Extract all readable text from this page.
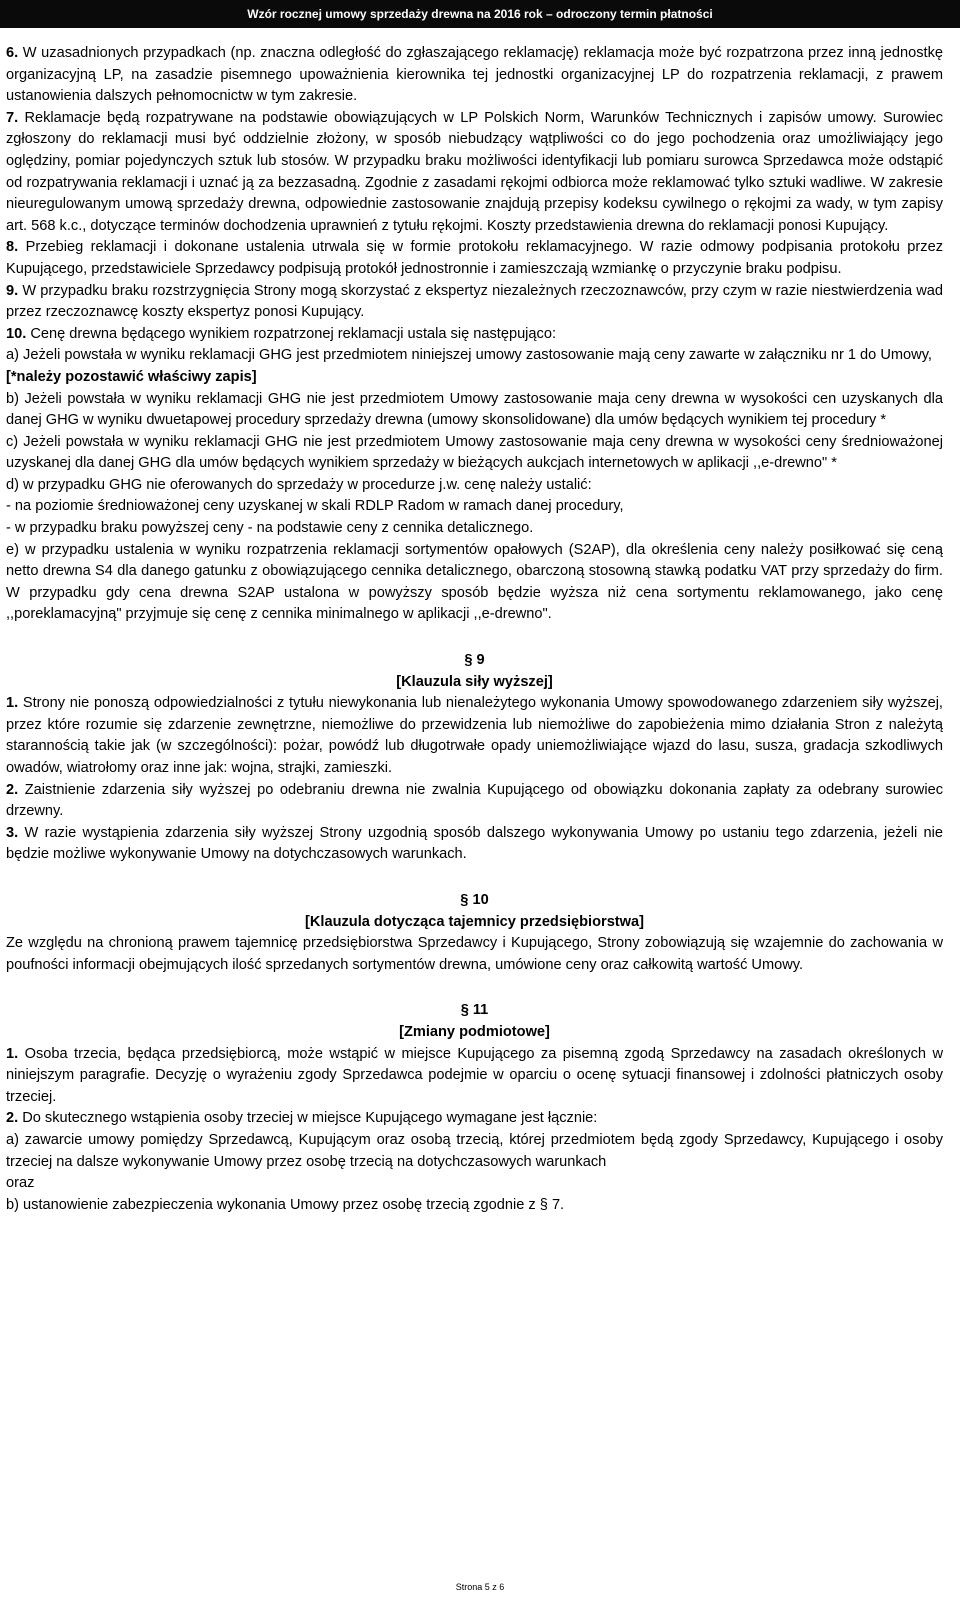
Wzór rocznej umowy sprzedaży drewna na 2016 rok – odroczony termin płatności

6. W uzasadnionych przypadkach (np. znaczna odległość do zgłaszającego reklamację) reklamacja może być rozpatrzona przez inną jednostkę organizacyjną LP, na zasadzie pisemnego upoważnienia kierownika tej jednostki organizacyjnej LP do rozpatrzenia reklamacji, z prawem ustanowienia dalszych pełnomocnictw w tym zakresie.

7. Reklamacje będą rozpatrywane na podstawie obowiązujących w LP Polskich Norm, Warunków Technicznych i zapisów umowy. Surowiec zgłoszony do reklamacji musi być oddzielnie złożony, w sposób niebudzący wątpliwości co do jego pochodzenia oraz umożliwiający jego oględziny, pomiar pojedynczych sztuk lub stosów. W przypadku braku możliwości identyfikacji lub pomiaru surowca Sprzedawca może odstąpić od rozpatrywania reklamacji i uznać ją za bezzasadną. Zgodnie z zasadami rękojmi odbiorca może reklamować tylko sztuki wadliwe. W zakresie nieuregulowanym umową sprzedaży drewna, odpowiednie zastosowanie znajdują przepisy kodeksu cywilnego o rękojmi za wady, w tym zapisy art. 568 k.c., dotyczące terminów dochodzenia uprawnień z tytułu rękojmi. Koszty przedstawienia drewna do reklamacji ponosi Kupujący.

8. Przebieg reklamacji i dokonane ustalenia utrwala się w formie protokołu reklamacyjnego. W razie odmowy podpisania protokołu przez Kupującego, przedstawiciele Sprzedawcy podpisują protokół jednostronnie i zamieszczają wzmiankę o przyczynie braku podpisu.

9. W przypadku braku rozstrzygnięcia Strony mogą skorzystać z ekspertyz niezależnych rzeczoznawców, przy czym w razie niestwierdzenia wad przez rzeczoznawcę koszty ekspertyz ponosi Kupujący.

10. Cenę drewna będącego wynikiem rozpatrzonej reklamacji ustala się następująco:

a) Jeżeli powstała w wyniku reklamacji GHG jest przedmiotem niniejszej umowy zastosowanie mają ceny zawarte w załączniku nr 1 do Umowy,

[*należy pozostawić właściwy zapis]

b) Jeżeli powstała w wyniku reklamacji GHG nie jest przedmiotem Umowy zastosowanie maja ceny drewna w wysokości cen uzyskanych dla danej GHG w wyniku dwuetapowej procedury sprzedaży drewna (umowy skonsolidowane) dla umów będących wynikiem tej procedury *

c) Jeżeli powstała w wyniku reklamacji GHG nie jest przedmiotem Umowy zastosowanie maja ceny drewna w wysokości ceny średnioważonej uzyskanej dla danej GHG dla umów będących wynikiem sprzedaży w bieżących aukcjach internetowych w aplikacji ,,e-drewno" *

d) w przypadku GHG nie oferowanych do sprzedaży w procedurze j.w. cenę należy ustalić:

- na poziomie średnioważonej ceny uzyskanej w skali RDLP Radom w ramach danej procedury,

- w przypadku braku powyższej ceny - na podstawie ceny z cennika detalicznego.

e) w przypadku ustalenia w wyniku rozpatrzenia reklamacji sortymentów opałowych (S2AP), dla określenia ceny należy posiłkować się ceną netto drewna S4 dla danego gatunku z obowiązującego cennika detalicznego, obarczoną stosowną stawką podatku VAT przy sprzedaży do firm. W przypadku gdy cena drewna S2AP ustalona w powyższy sposób będzie wyższa niż cena sortymentu reklamowanego, jako cenę ,,poreklamacyjną" przyjmuje się cenę z cennika minimalnego w aplikacji ,,e-drewno".

§ 9

[Klauzula siły wyższej]

1. Strony nie ponoszą odpowiedzialności z tytułu niewykonania lub nienależytego wykonania Umowy spowodowanego zdarzeniem siły wyższej, przez które rozumie się zdarzenie zewnętrzne, niemożliwe do przewidzenia lub niemożliwe do zapobieżenia mimo działania Stron z należytą starannością takie jak (w szczególności): pożar, powódź lub długotrwałe opady uniemożliwiające wjazd do lasu, susza, gradacja szkodliwych owadów, wiatrołomy oraz inne jak: wojna, strajki, zamieszki.

2. Zaistnienie zdarzenia siły wyższej po odebraniu drewna nie zwalnia Kupującego od obowiązku dokonania zapłaty za odebrany surowiec drzewny.

3. W razie wystąpienia zdarzenia siły wyższej Strony uzgodnią sposób dalszego wykonywania Umowy po ustaniu tego zdarzenia, jeżeli nie będzie możliwe wykonywanie Umowy na dotychczasowych warunkach.

§ 10

[Klauzula dotycząca tajemnicy przedsiębiorstwa]

Ze względu na chronioną prawem tajemnicę przedsiębiorstwa Sprzedawcy i Kupującego, Strony zobowiązują się wzajemnie do zachowania w poufności informacji obejmujących ilość sprzedanych sortymentów drewna, umówione ceny oraz całkowitą wartość Umowy.

§ 11

[Zmiany podmiotowe]

1. Osoba trzecia, będąca przedsiębiorcą, może wstąpić w miejsce Kupującego za pisemną zgodą Sprzedawcy na zasadach określonych w niniejszym paragrafie. Decyzję o wyrażeniu zgody Sprzedawca podejmie w oparciu o ocenę sytuacji finansowej i zdolności płatniczych osoby trzeciej.

2. Do skutecznego wstąpienia osoby trzeciej w miejsce Kupującego wymagane jest łącznie:

a) zawarcie umowy pomiędzy Sprzedawcą, Kupującym oraz osobą trzecią, której przedmiotem będą zgody Sprzedawcy, Kupującego i osoby trzeciej na dalsze wykonywanie Umowy przez osobę trzecią na dotychczasowych warunkach

oraz

b) ustanowienie zabezpieczenia wykonania Umowy przez osobę trzecią zgodnie z § 7.

Strona 5 z 6
